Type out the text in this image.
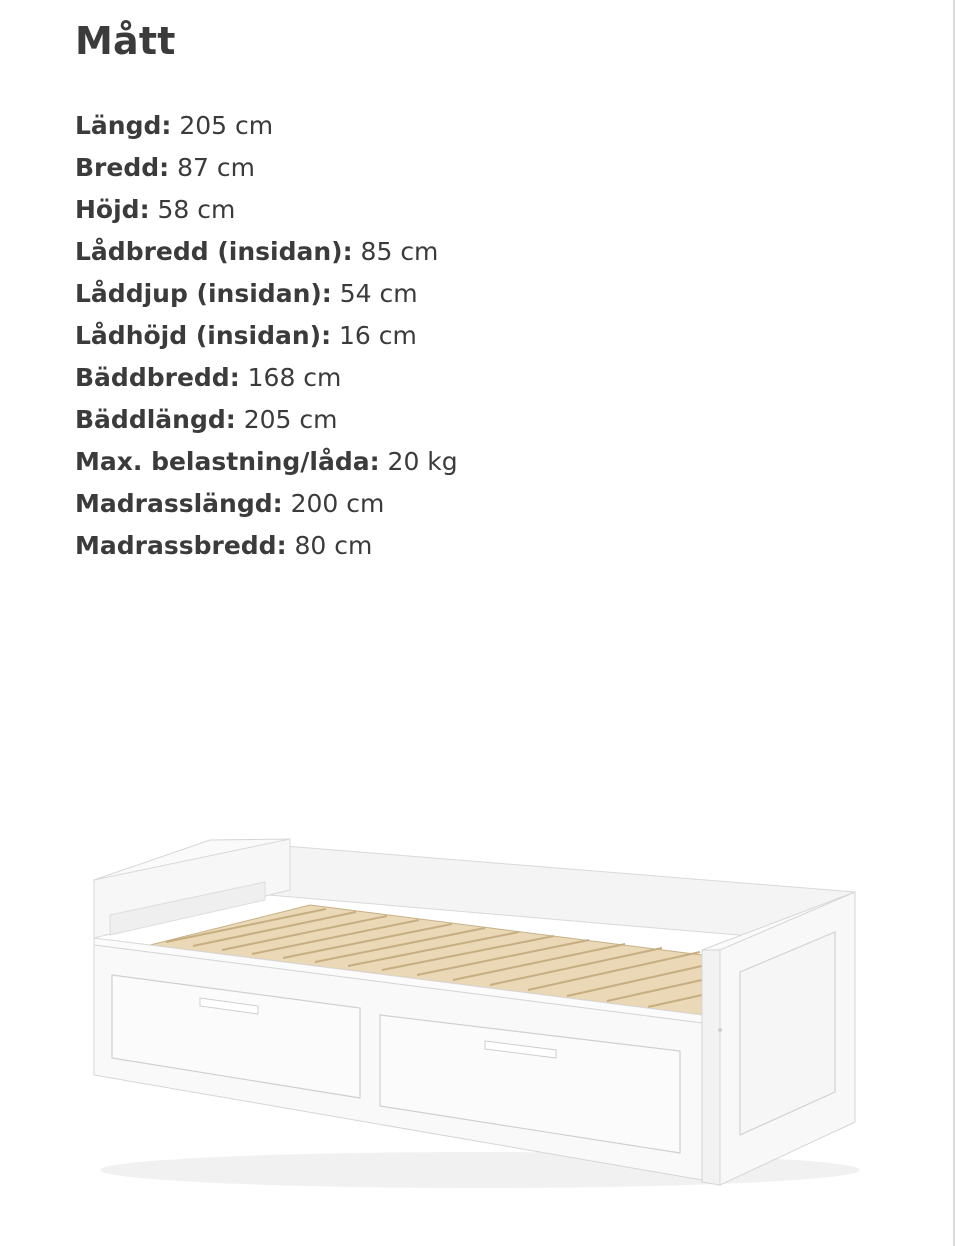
Mått
Längd: 205 cm
Bredd: 87 cm
Höjd: 58 cm
Lådbredd (insidan): 85 cm
Låddjup (insidan): 54 cm
Lådhöjd (insidan): 16 cm
Bäddbredd: 168 cm
Bäddlängd: 205 cm
Max. belastning/låda: 20 kg
Madrasslängd: 200 cm
Madrassbredd: 80 cm
